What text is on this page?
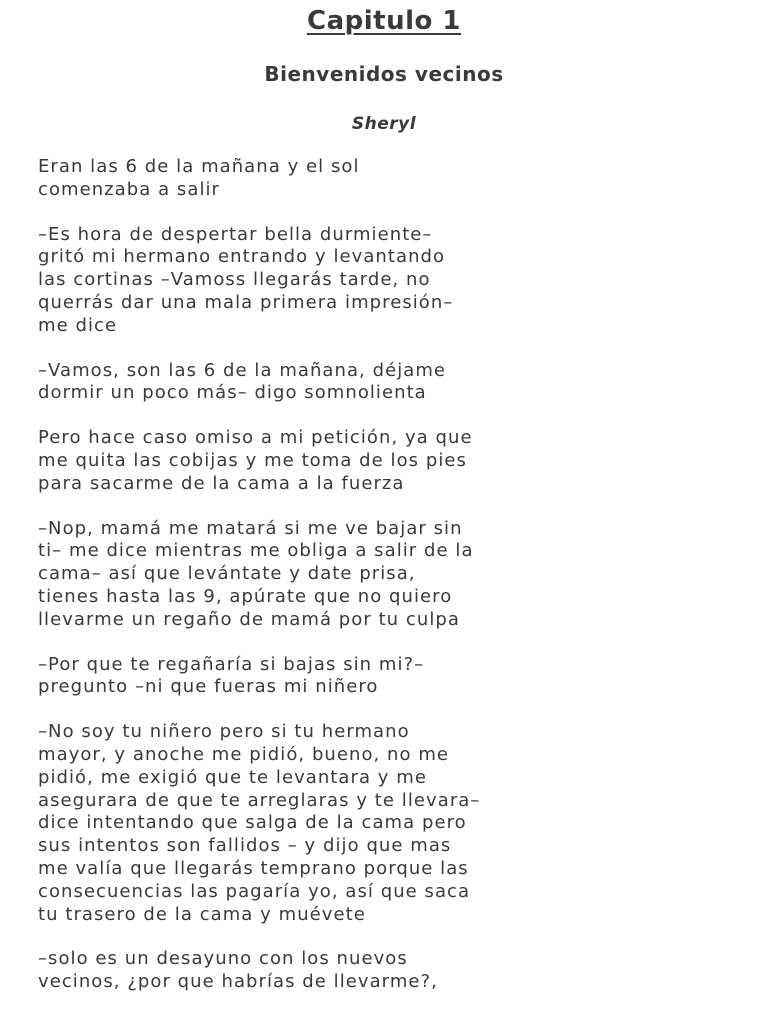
Capitulo 1
Bienvenidos vecinos
Sheryl

Eran las 6 de la mañana y el sol
comenzaba a salir

–Es hora de despertar bella durmiente–
gritó mi hermano entrando y levantando
las cortinas –Vamoss llegarás tarde, no
querrás dar una mala primera impresión–
me dice

–Vamos, son las 6 de la mañana, déjame
dormir un poco más– digo somnolienta

Pero hace caso omiso a mi petición, ya que
me quita las cobijas y me toma de los pies
para sacarme de la cama a la fuerza

–Nop, mamá me matará si me ve bajar sin
ti– me dice mientras me obliga a salir de la
cama– así que levántate y date prisa,
tienes hasta las 9, apúrate que no quiero
llevarme un regaño de mamá por tu culpa

–Por que te regañaría si bajas sin mi?–
pregunto –ni que fueras mi niñero

–No soy tu niñero pero si tu hermano
mayor, y anoche me pidió, bueno, no me
pidió, me exigió que te levantara y me
asegurara de que te arreglaras y te llevara–
dice intentando que salga de la cama pero
sus intentos son fallidos – y dijo que mas
me valía que llegarás temprano porque las
consecuencias las pagaría yo, así que saca
tu trasero de la cama y muévete

–solo es un desayuno con los nuevos
vecinos, ¿por que habrías de llevarme?,
